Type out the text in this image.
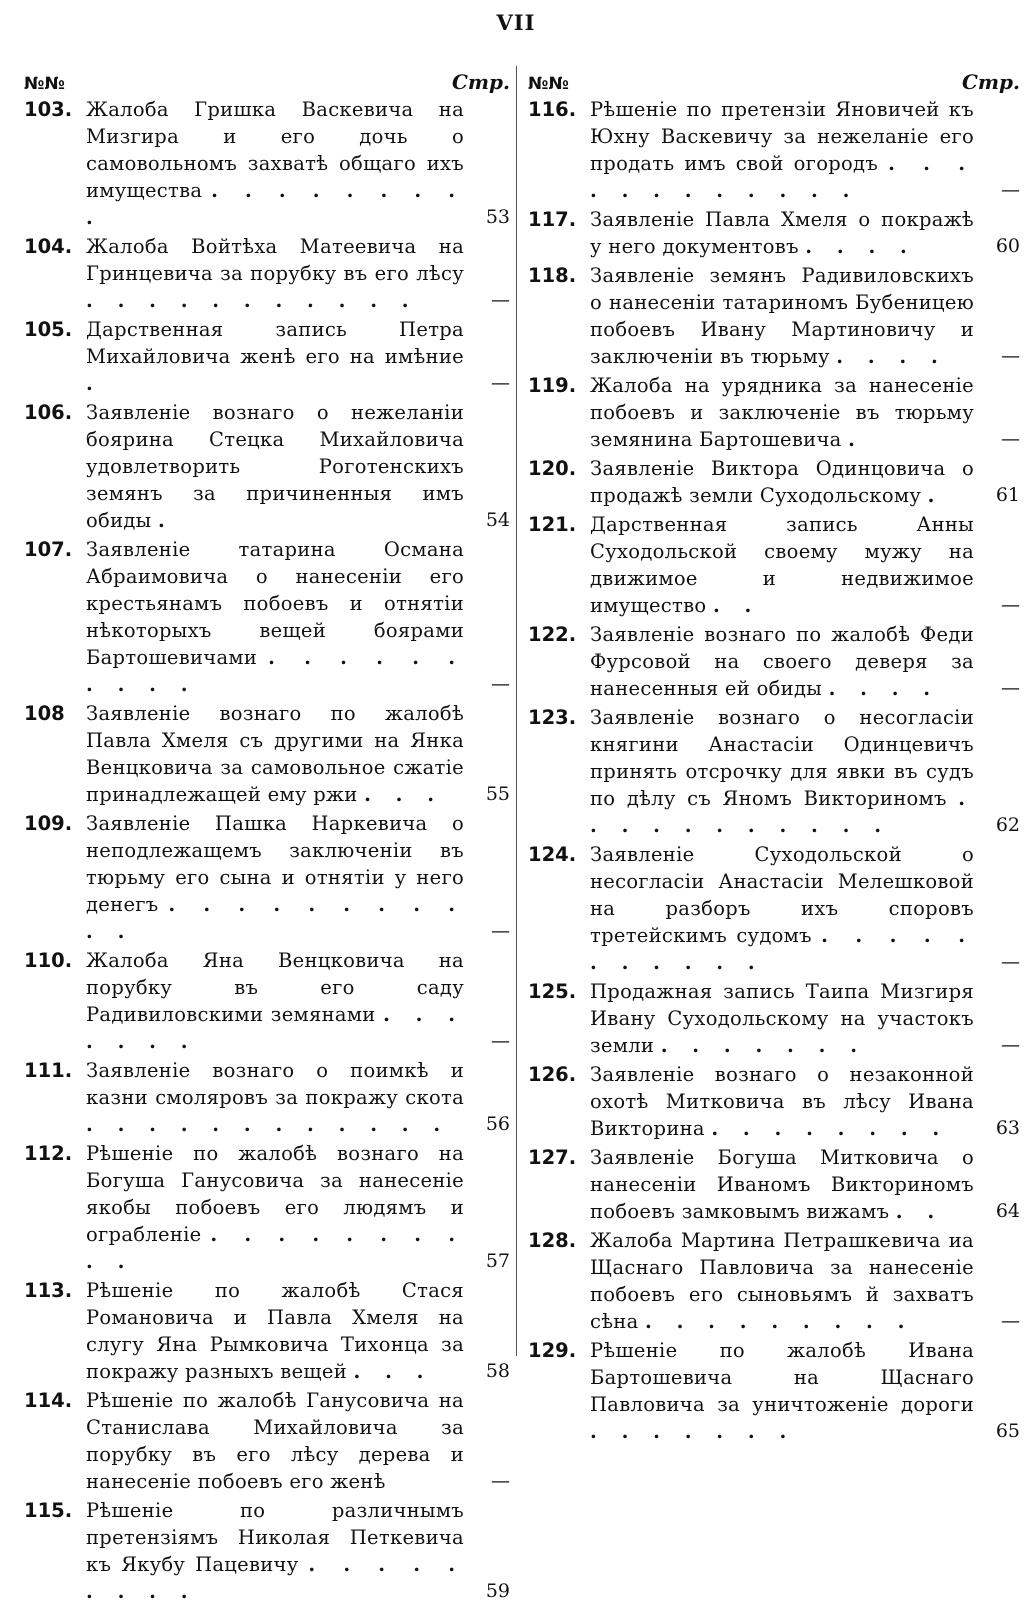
VII
№№	Стр.
103. Жалоба Гришка Васкевича на Мизгира и его дочь о самовольномъ захватѣ общаго ихъ имущества . . . . . . . . .	53
104. Жалоба Войтѣха Матеевича на Гринцевича за порубку въ его лѣсу . . . . . . . . . . .	—
105. Дарственная запись Петра Михайловича женѣ его на имѣние .	—
106. Заявленіе вознаго о нежеланіи боярина Стецка Михайловича удовлетворить Роготенскихъ земянъ за причиненныя имъ обиды .	54
107. Заявленіе татарина Османа Абраимовича о нанесеніи его крестьянамъ побоевъ и отнятіи нѣкоторыхъ вещей боярами Бартошевичами . . . . . . . . . .	—
108	Заявленіе вознаго по жалобѣ Павла Хмеля съ другими на Янка Венцковича за самовольное сжатіе принадлежащей ему ржи . . .	55
109. Заявленіе Пашка Наркевича о неподлежащемъ заключеніи въ тюрьму его сына и отнятіи у него денегъ . . . . . . . . . . .	—
110. Жалоба Яна Венцковича на порубку въ его саду Радивиловскими земянами . . . . . . .	—
111. Заявленіе вознаго о поимкѣ и казни смоляровъ за покражу скота . . . . . . . . . . . .	56
112. Рѣшеніе по жалобѣ вознаго на Богуша Ганусовича за нанесеніе якобы побоевъ его людямъ и ограбленіе . . . . . . . . . .	57
113. Рѣшеніе по жалобѣ Стася Романовича и Павла Хмеля на слугу Яна Рымковича Тихонца за покражу разныхъ вещей . . .	58
114. Рѣшеніе по жалобѣ Ганусовича на Станислава Михайловича за порубку въ его лѣсу дерева и нанесеніе побоевъ его женѣ	—
115. Рѣшеніе по различнымъ претензіямъ Николая Петкевича къ Якубу Пацевичу . . . . . . . . .	59
№№	Стр.
116. Рѣшеніе по претензіи Яновичей къ Юхну Васкевичу за нежеланіе его продать имъ свой огородъ . . . . . . . . . . . .	—
117. Заявленіе Павла Хмеля о покражѣ у него документовъ . . . .	60
118. Заявленіе земянъ Радивиловскихъ о нанесеніи татариномъ Бубеницею побоевъ Ивану Мартиновичу и заключеніи въ тюрьму . . . .	—
119. Жалоба на урядника за нанесеніе побоевъ и заключеніе въ тюрьму земянина Бартошевича .	—
120. Заявленіе Виктора Одинцовича о продажѣ земли Суходольскому .	61
121. Дарственная запись Анны Суходольской своему мужу на движимое и недвижимое имущество . .	—
122. Заявленіе вознаго по жалобѣ Феди Фурсовой на своего деверя за нанесенныя ей обиды . . . .	—
123. Заявленіе вознаго о несогласіи княгини Анастасіи Одинцевичъ принять отсрочку для явки въ судъ по дѣлу съ Яномъ Викториномъ . . . . . . . . . . .	62
124. Заявленіе Суходольской о несогласіи Анастасіи Мелешковой на разборъ ихъ споровъ третейскимъ судомъ . . . . . . . . . . .	—
125. Продажная запись Таипа Мизгиря Ивану Суходольскому на участокъ земли . . . . . . .	—
126. Заявленіе вознаго о незаконной охотѣ Митковича въ лѣсу Ивана Викторина . . . . . . . .	63
127. Заявленіе Богуша Митковича о нанесеніи Иваномъ Викториномъ побоевъ замковымъ вижамъ . .	64
128. Жалоба Мартина Петрашкевича иа Щаснаго Павловича за нанесеніе побоевъ его сыновьямъ й захватъ сѣна . . . . . . . . .	—
129. Рѣшеніе по жалобѣ Ивана Бартошевича на Щаснаго Павловича за уничтоженіе дороги . . . . . . .	65
